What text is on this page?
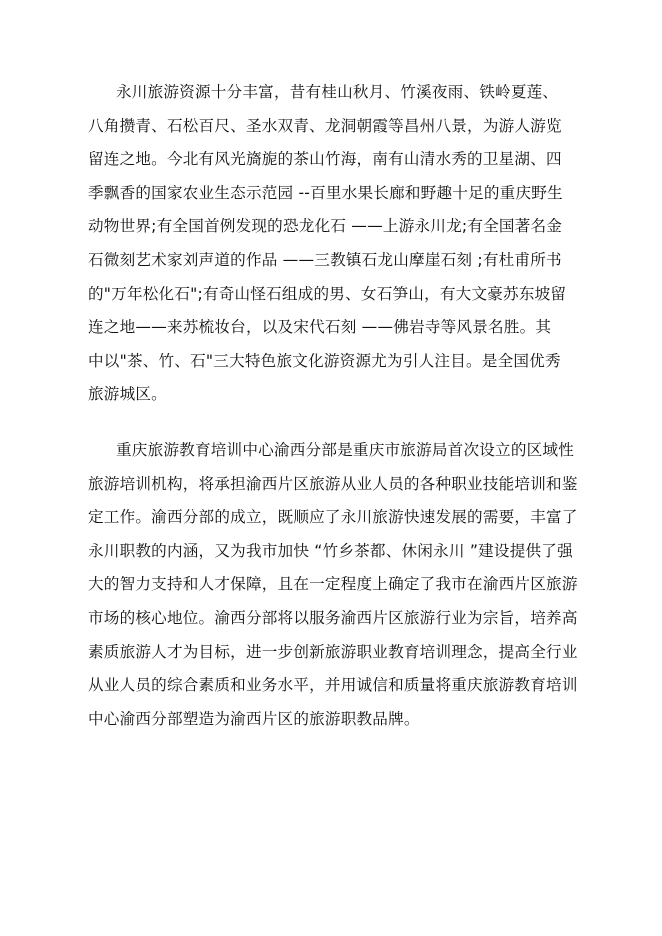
永川旅游资源十分丰富，昔有桂山秋月、竹溪夜雨、铁岭夏莲、
八角攒青、石松百尺、圣水双青、龙洞朝霞等昌州八景，为游人游览
留连之地。今北有风光旖旎的茶山竹海，南有山清水秀的卫星湖、四
季飘香的国家农业生态示范园 --百里水果长廊和野趣十足的重庆野生
动物世界;有全国首例发现的恐龙化石 ——上游永川龙;有全国著名金
石微刻艺术家刘声道的作品 ——三教镇石龙山摩崖石刻 ;有杜甫所书
的"万年松化石";有奇山怪石组成的男、女石笋山，有大文豪苏东坡留
连之地——来苏梳妆台，以及宋代石刻 ——佛岩寺等风景名胜。其
中以"茶、竹、石"三大特色旅文化游资源尤为引人注目。是全国优秀
旅游城区。
重庆旅游教育培训中心渝西分部是重庆市旅游局首次设立的区域性
旅游培训机构，将承担渝西片区旅游从业人员的各种职业技能培训和鉴
定工作。渝西分部的成立，既顺应了永川旅游快速发展的需要，丰富了
永川职教的内涵，又为我市加快 “竹乡茶都、休闲永川 ”建设提供了强
大的智力支持和人才保障，且在一定程度上确定了我市在渝西片区旅游
市场的核心地位。渝西分部将以服务渝西片区旅游行业为宗旨，培养高
素质旅游人才为目标，进一步创新旅游职业教育培训理念，提高全行业
从业人员的综合素质和业务水平，并用诚信和质量将重庆旅游教育培训
中心渝西分部塑造为渝西片区的旅游职教品牌。
